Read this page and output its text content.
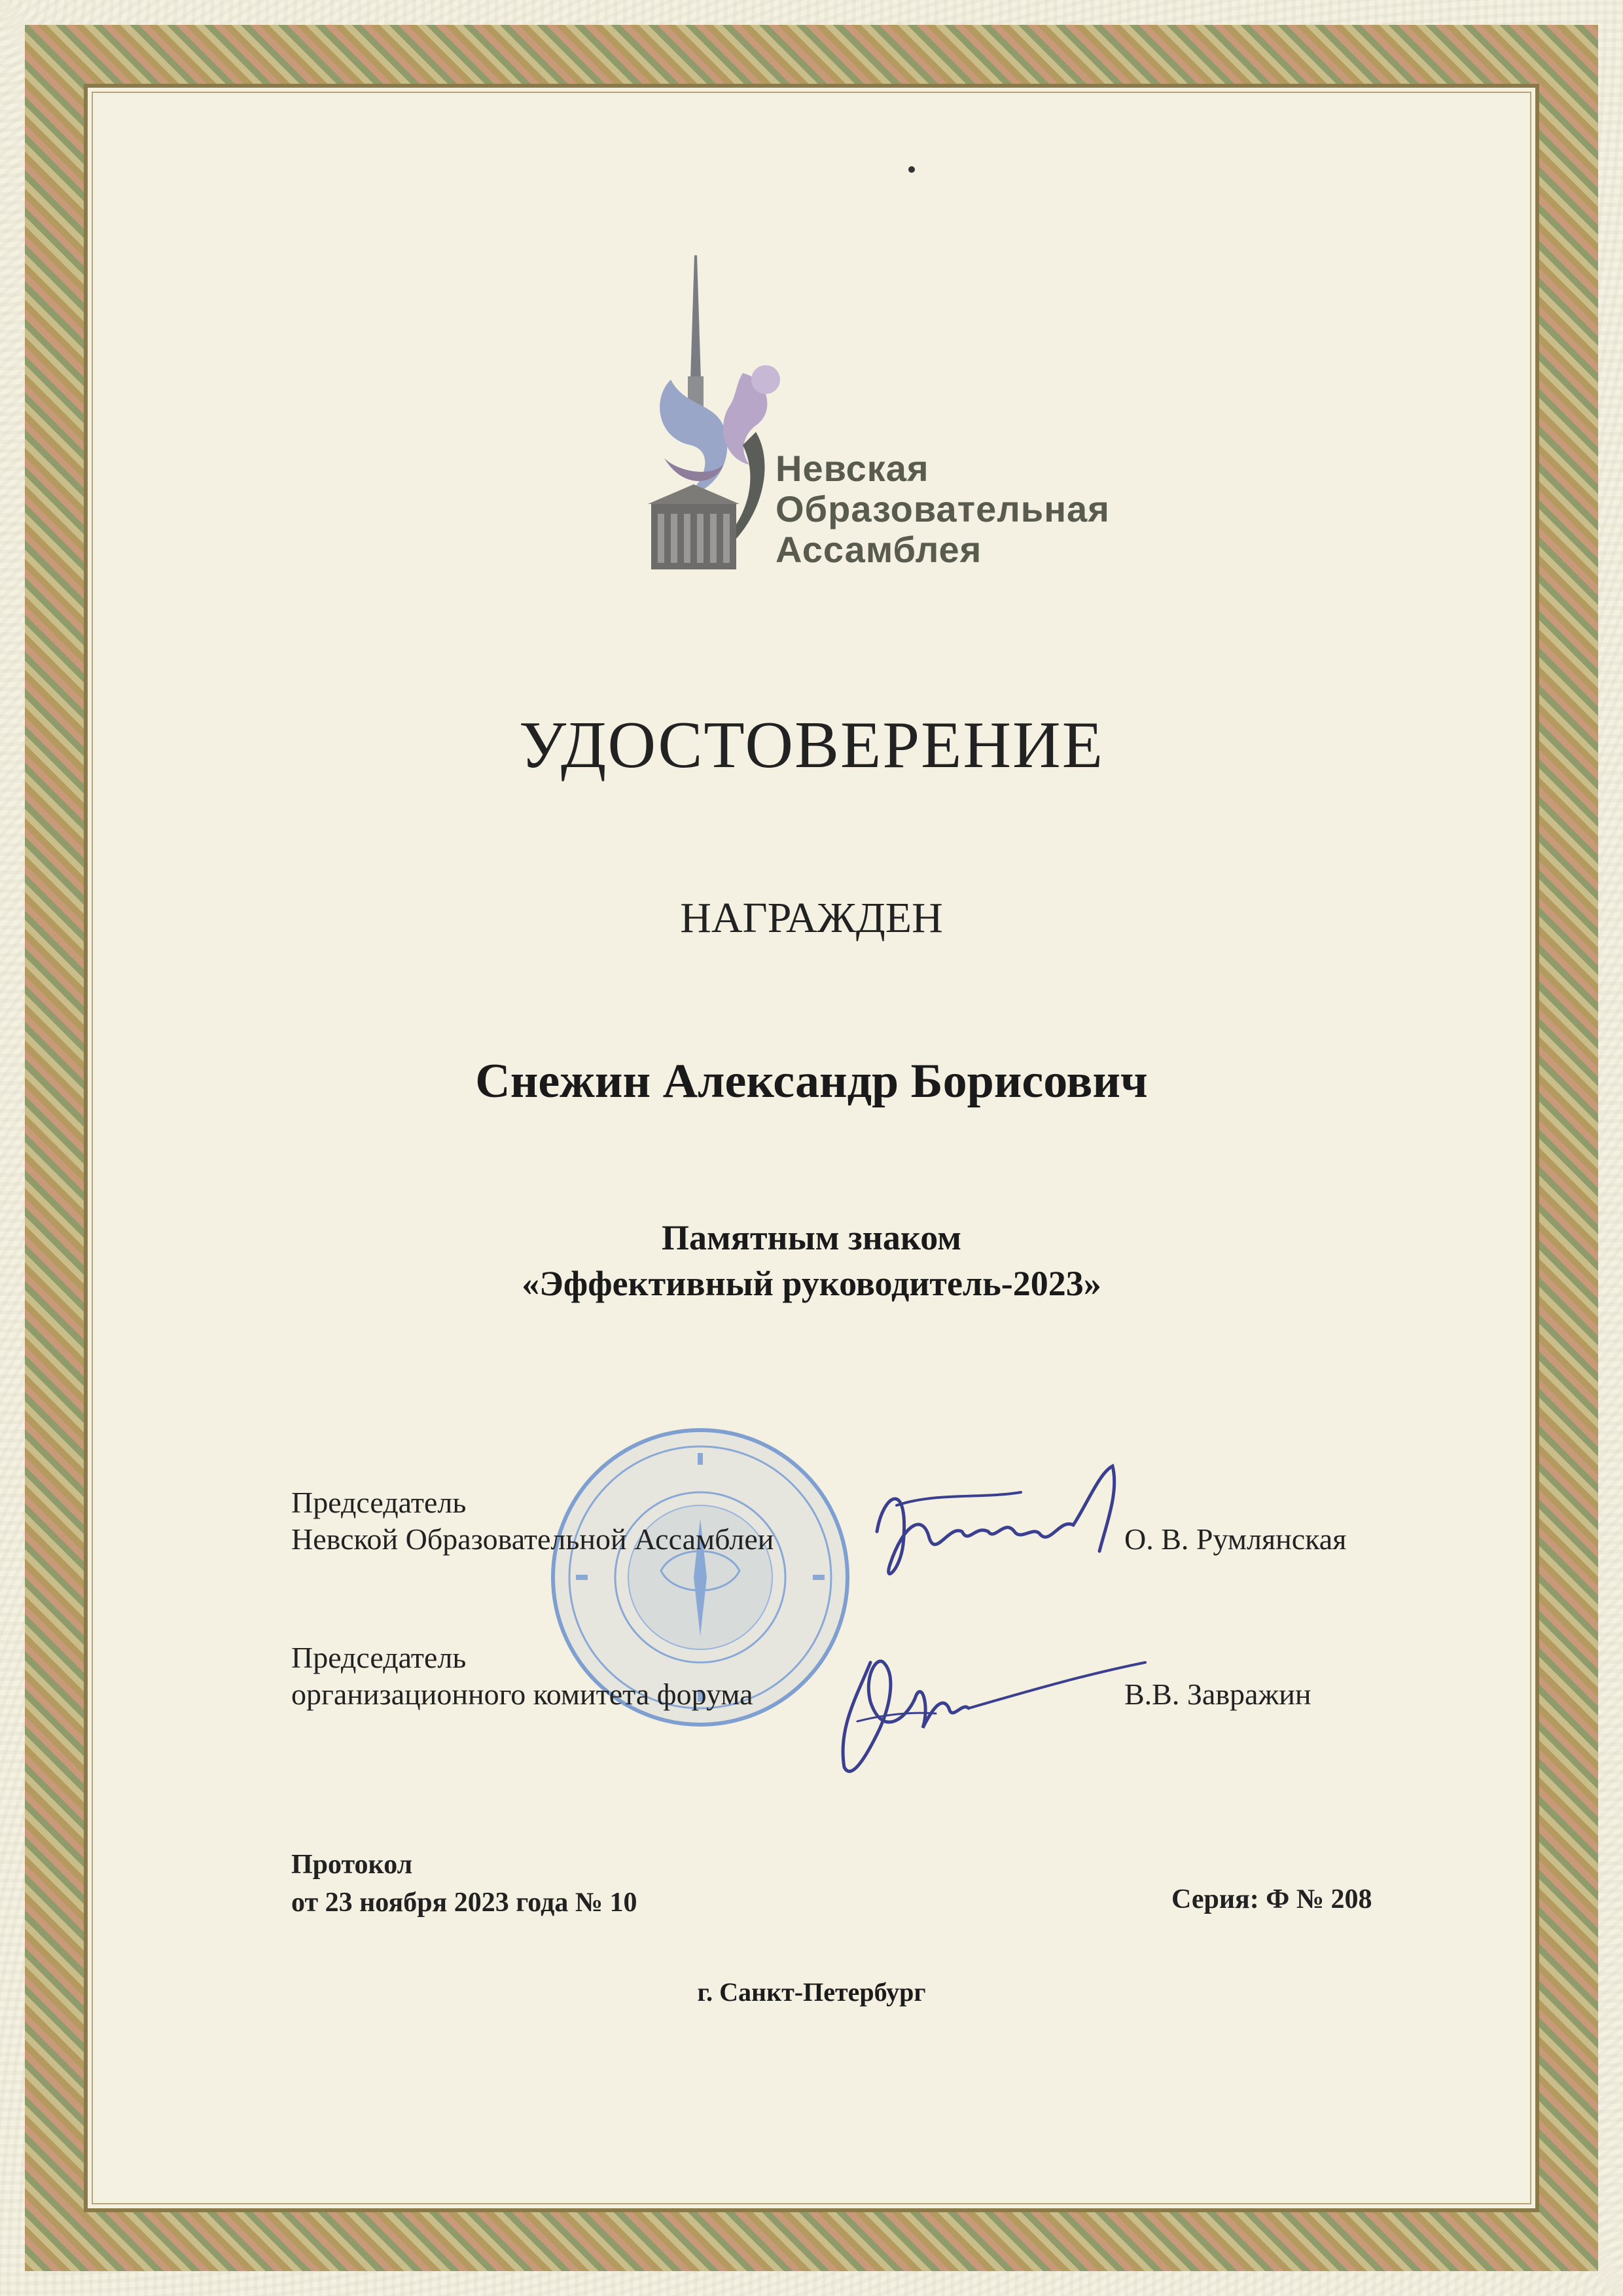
Невская
Образовательная
Ассамблея
УДОСТОВЕРЕНИЕ
НАГРАЖДЕН
Снежин Александр Борисович
Памятным знаком
«Эффективный руководитель-2023»
Председатель
Невской Образовательной Ассамблеи	О. В. Румлянская
Председатель
организационного комитета форума	В.В. Завражин
Протокол
от 23 ноября 2023 года № 10	Серия: Ф № 208
г. Санкт-Петербург
